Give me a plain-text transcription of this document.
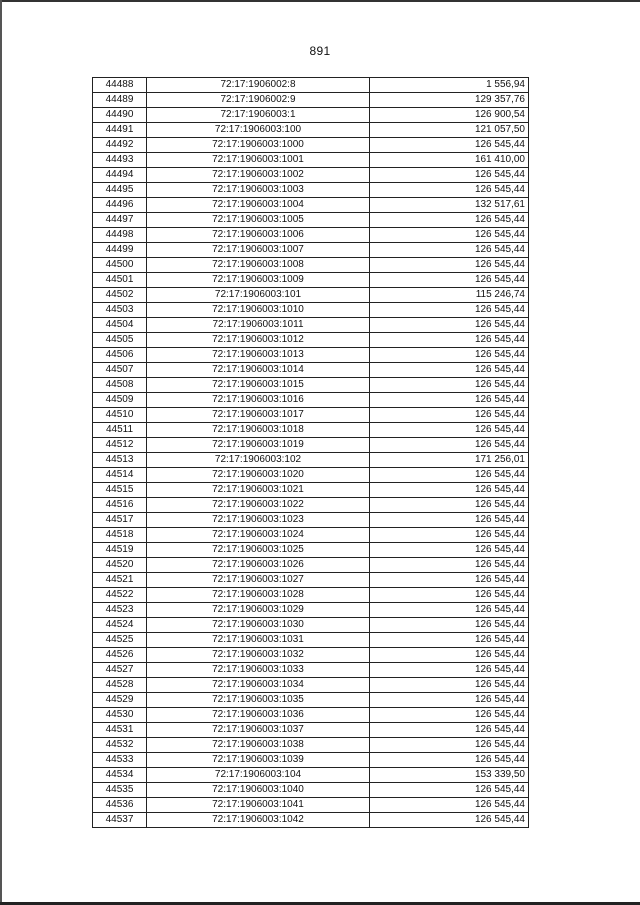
891
44488	72:17:1906002:8	1 556,94
44489	72:17:1906002:9	129 357,76
44490	72:17:1906003:1	126 900,54
44491	72:17:1906003:100	121 057,50
44492	72:17:1906003:1000	126 545,44
44493	72:17:1906003:1001	161 410,00
44494	72:17:1906003:1002	126 545,44
44495	72:17:1906003:1003	126 545,44
44496	72:17:1906003:1004	132 517,61
44497	72:17:1906003:1005	126 545,44
44498	72:17:1906003:1006	126 545,44
44499	72:17:1906003:1007	126 545,44
44500	72:17:1906003:1008	126 545,44
44501	72:17:1906003:1009	126 545,44
44502	72:17:1906003:101	115 246,74
44503	72:17:1906003:1010	126 545,44
44504	72:17:1906003:1011	126 545,44
44505	72:17:1906003:1012	126 545,44
44506	72:17:1906003:1013	126 545,44
44507	72:17:1906003:1014	126 545,44
44508	72:17:1906003:1015	126 545,44
44509	72:17:1906003:1016	126 545,44
44510	72:17:1906003:1017	126 545,44
44511	72:17:1906003:1018	126 545,44
44512	72:17:1906003:1019	126 545,44
44513	72:17:1906003:102	171 256,01
44514	72:17:1906003:1020	126 545,44
44515	72:17:1906003:1021	126 545,44
44516	72:17:1906003:1022	126 545,44
44517	72:17:1906003:1023	126 545,44
44518	72:17:1906003:1024	126 545,44
44519	72:17:1906003:1025	126 545,44
44520	72:17:1906003:1026	126 545,44
44521	72:17:1906003:1027	126 545,44
44522	72:17:1906003:1028	126 545,44
44523	72:17:1906003:1029	126 545,44
44524	72:17:1906003:1030	126 545,44
44525	72:17:1906003:1031	126 545,44
44526	72:17:1906003:1032	126 545,44
44527	72:17:1906003:1033	126 545,44
44528	72:17:1906003:1034	126 545,44
44529	72:17:1906003:1035	126 545,44
44530	72:17:1906003:1036	126 545,44
44531	72:17:1906003:1037	126 545,44
44532	72:17:1906003:1038	126 545,44
44533	72:17:1906003:1039	126 545,44
44534	72:17:1906003:104	153 339,50
44535	72:17:1906003:1040	126 545,44
44536	72:17:1906003:1041	126 545,44
44537	72:17:1906003:1042	126 545,44
